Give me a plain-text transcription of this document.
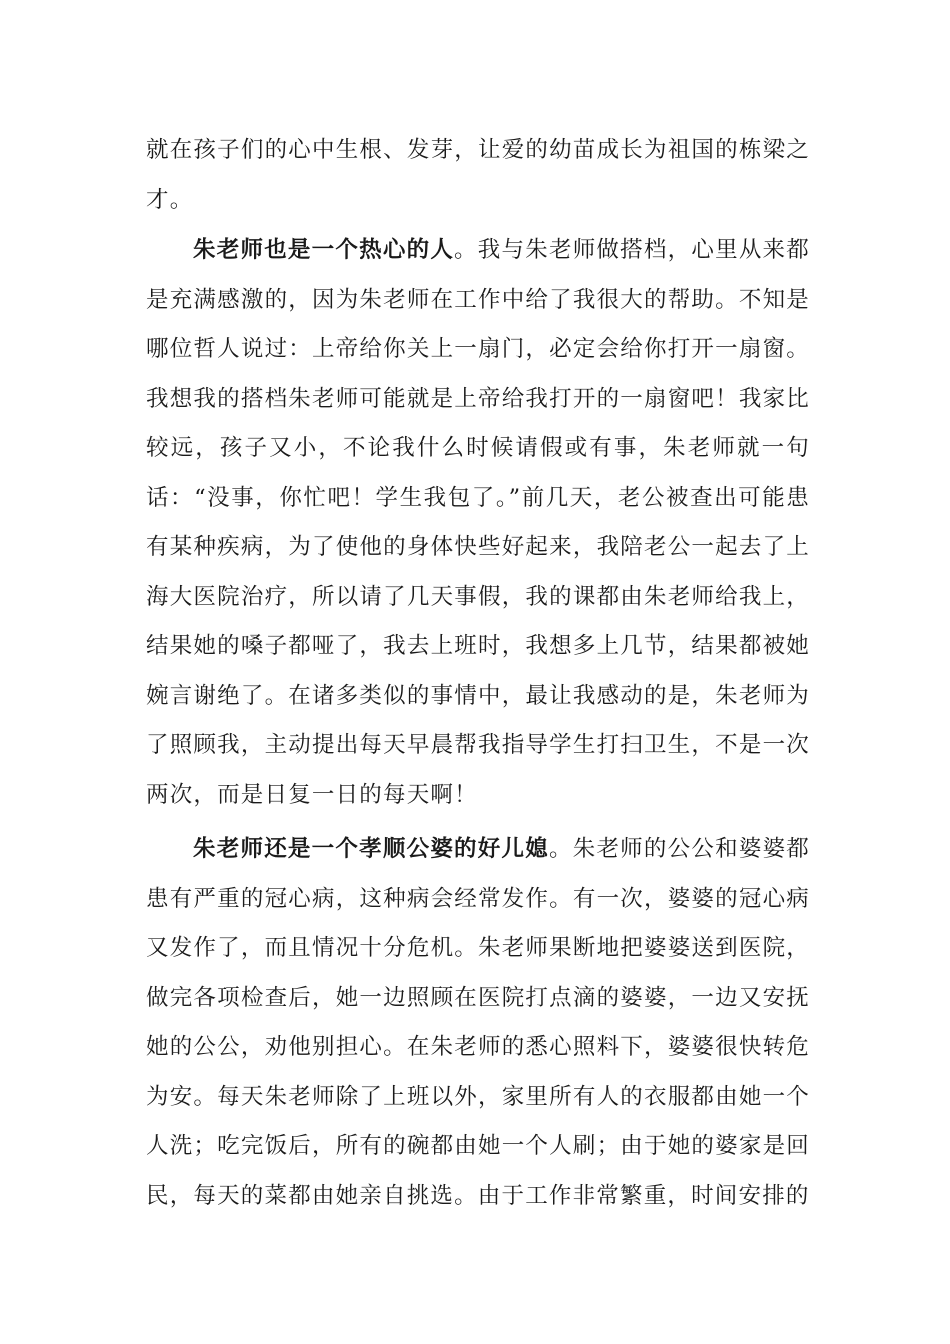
就在孩子们的心中生根、发芽，让爱的幼苗成长为祖国的栋梁之才。

朱老师也是一个热心的人。我与朱老师做搭档，心里从来都是充满感激的，因为朱老师在工作中给了我很大的帮助。不知是哪位哲人说过：上帝给你关上一扇门，必定会给你打开一扇窗。我想我的搭档朱老师可能就是上帝给我打开的一扇窗吧！我家比较远，孩子又小，不论我什么时候请假或有事，朱老师就一句话：“没事，你忙吧！学生我包了。”前几天，老公被查出可能患有某种疾病，为了使他的身体快些好起来，我陪老公一起去了上海大医院治疗，所以请了几天事假，我的课都由朱老师给我上，结果她的嗓子都哑了，我去上班时，我想多上几节，结果都被她婉言谢绝了。在诸多类似的事情中，最让我感动的是，朱老师为了照顾我，主动提出每天早晨帮我指导学生打扫卫生，不是一次两次，而是日复一日的每天啊！

朱老师还是一个孝顺公婆的好儿媳。朱老师的公公和婆婆都患有严重的冠心病，这种病会经常发作。有一次，婆婆的冠心病又发作了，而且情况十分危机。朱老师果断地把婆婆送到医院，做完各项检查后，她一边照顾在医院打点滴的婆婆，一边又安抚她的公公，劝他别担心。在朱老师的悉心照料下，婆婆很快转危为安。每天朱老师除了上班以外，家里所有人的衣服都由她一个人洗；吃完饭后，所有的碗都由她一个人刷；由于她的婆家是回民，每天的菜都由她亲自挑选。由于工作非常繁重，时间安排的
